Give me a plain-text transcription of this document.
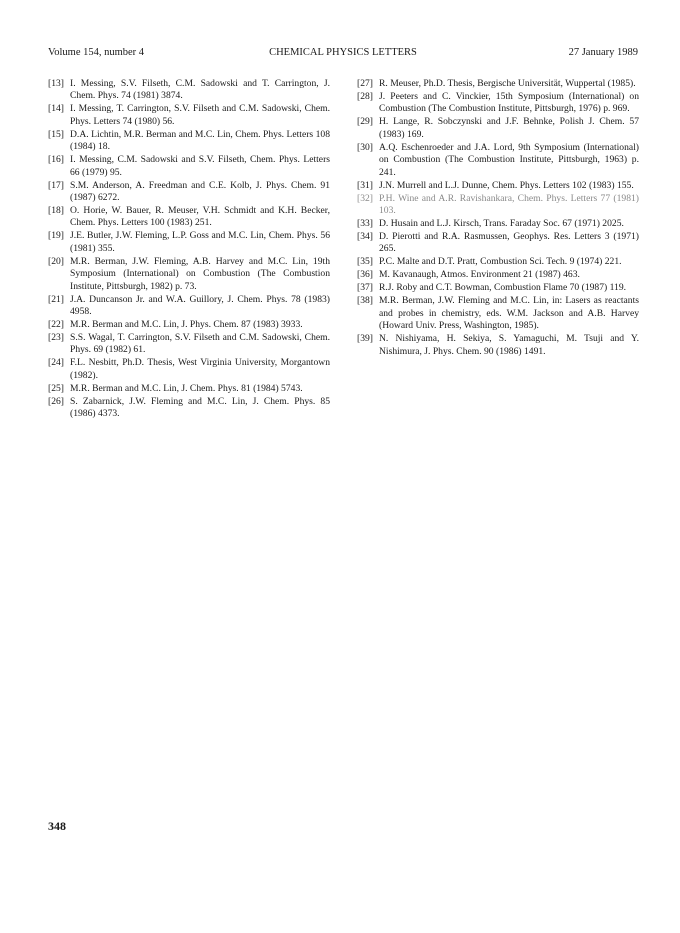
Volume 154, number 4	CHEMICAL PHYSICS LETTERS	27 January 1989
[13] I. Messing, S.V. Filseth, C.M. Sadowski and T. Carrington, J. Chem. Phys. 74 (1981) 3874.
[14] I. Messing, T. Carrington, S.V. Filseth and C.M. Sadowski, Chem. Phys. Letters 74 (1980) 56.
[15] D.A. Lichtin, M.R. Berman and M.C. Lin, Chem. Phys. Letters 108 (1984) 18.
[16] I. Messing, C.M. Sadowski and S.V. Filseth, Chem. Phys. Letters 66 (1979) 95.
[17] S.M. Anderson, A. Freedman and C.E. Kolb, J. Phys. Chem. 91 (1987) 6272.
[18] O. Horie, W. Bauer, R. Meuser, V.H. Schmidt and K.H. Becker, Chem. Phys. Letters 100 (1983) 251.
[19] J.E. Butler, J.W. Fleming, L.P. Goss and M.C. Lin, Chem. Phys. 56 (1981) 355.
[20] M.R. Berman, J.W. Fleming, A.B. Harvey and M.C. Lin, 19th Symposium (International) on Combustion (The Combustion Institute, Pittsburgh, 1982) p. 73.
[21] J.A. Duncanson Jr. and W.A. Guillory, J. Chem. Phys. 78 (1983) 4958.
[22] M.R. Berman and M.C. Lin, J. Phys. Chem. 87 (1983) 3933.
[23] S.S. Wagal, T. Carrington, S.V. Filseth and C.M. Sadowski, Chem. Phys. 69 (1982) 61.
[24] F.L. Nesbitt, Ph.D. Thesis, West Virginia University, Morgantown (1982).
[25] M.R. Berman and M.C. Lin, J. Chem. Phys. 81 (1984) 5743.
[26] S. Zabarnick, J.W. Fleming and M.C. Lin, J. Chem. Phys. 85 (1986) 4373.
[27] R. Meuser, Ph.D. Thesis, Bergische Universität, Wuppertal (1985).
[28] J. Peeters and C. Vinckier, 15th Symposium (International) on Combustion (The Combustion Institute, Pittsburgh, 1976) p. 969.
[29] H. Lange, R. Sobczynski and J.F. Behnke, Polish J. Chem. 57 (1983) 169.
[30] A.Q. Eschenroeder and J.A. Lord, 9th Symposium (International) on Combustion (The Combustion Institute, Pittsburgh, 1963) p. 241.
[31] J.N. Murrell and L.J. Dunne, Chem. Phys. Letters 102 (1983) 155.
[32] P.H. Wine and A.R. Ravishankara, Chem. Phys. Letters 77 (1981) 103.
[33] D. Husain and L.J. Kirsch, Trans. Faraday Soc. 67 (1971) 2025.
[34] D. Pierotti and R.A. Rasmussen, Geophys. Res. Letters 3 (1971) 265.
[35] P.C. Malte and D.T. Pratt, Combustion Sci. Tech. 9 (1974) 221.
[36] M. Kavanaugh, Atmos. Environment 21 (1987) 463.
[37] R.J. Roby and C.T. Bowman, Combustion Flame 70 (1987) 119.
[38] M.R. Berman, J.W. Fleming and M.C. Lin, in: Lasers as reactants and probes in chemistry, eds. W.M. Jackson and A.B. Harvey (Howard Univ. Press, Washington, 1985).
[39] N. Nishiyama, H. Sekiya, S. Yamaguchi, M. Tsuji and Y. Nishimura, J. Phys. Chem. 90 (1986) 1491.
348
